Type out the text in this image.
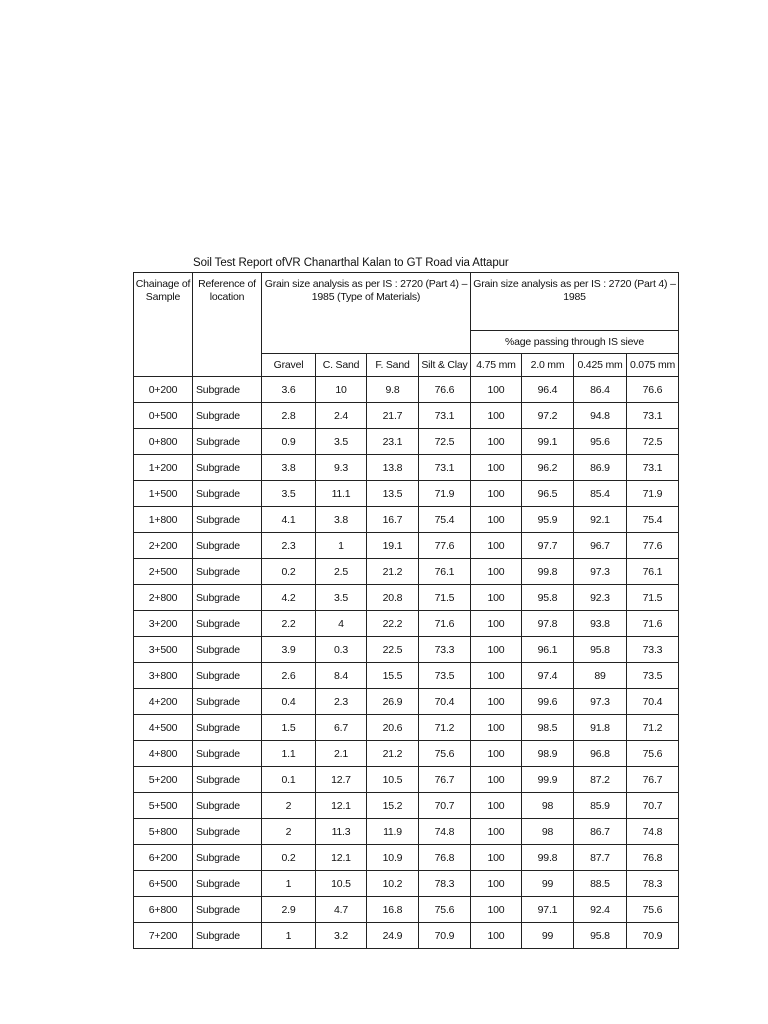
Soil Test Report ofVR Chanarthal Kalan to GT Road via Attapur
Chainage of Sample	Reference of location	Grain size analysis as per IS : 2720 (Part 4) – 1985 (Type of Materials)				Grain size analysis as per IS : 2720 (Part 4) – 1985			
						%age passing through IS sieve			
		Gravel	C. Sand	F. Sand	Silt & Clay	4.75 mm	2.0 mm	0.425 mm	0.075 mm
0+200	Subgrade	3.6	10	9.8	76.6	100	96.4	86.4	76.6
0+500	Subgrade	2.8	2.4	21.7	73.1	100	97.2	94.8	73.1
0+800	Subgrade	0.9	3.5	23.1	72.5	100	99.1	95.6	72.5
1+200	Subgrade	3.8	9.3	13.8	73.1	100	96.2	86.9	73.1
1+500	Subgrade	3.5	11.1	13.5	71.9	100	96.5	85.4	71.9
1+800	Subgrade	4.1	3.8	16.7	75.4	100	95.9	92.1	75.4
2+200	Subgrade	2.3	1	19.1	77.6	100	97.7	96.7	77.6
2+500	Subgrade	0.2	2.5	21.2	76.1	100	99.8	97.3	76.1
2+800	Subgrade	4.2	3.5	20.8	71.5	100	95.8	92.3	71.5
3+200	Subgrade	2.2	4	22.2	71.6	100	97.8	93.8	71.6
3+500	Subgrade	3.9	0.3	22.5	73.3	100	96.1	95.8	73.3
3+800	Subgrade	2.6	8.4	15.5	73.5	100	97.4	89	73.5
4+200	Subgrade	0.4	2.3	26.9	70.4	100	99.6	97.3	70.4
4+500	Subgrade	1.5	6.7	20.6	71.2	100	98.5	91.8	71.2
4+800	Subgrade	1.1	2.1	21.2	75.6	100	98.9	96.8	75.6
5+200	Subgrade	0.1	12.7	10.5	76.7	100	99.9	87.2	76.7
5+500	Subgrade	2	12.1	15.2	70.7	100	98	85.9	70.7
5+800	Subgrade	2	11.3	11.9	74.8	100	98	86.7	74.8
6+200	Subgrade	0.2	12.1	10.9	76.8	100	99.8	87.7	76.8
6+500	Subgrade	1	10.5	10.2	78.3	100	99	88.5	78.3
6+800	Subgrade	2.9	4.7	16.8	75.6	100	97.1	92.4	75.6
7+200	Subgrade	1	3.2	24.9	70.9	100	99	95.8	70.9
